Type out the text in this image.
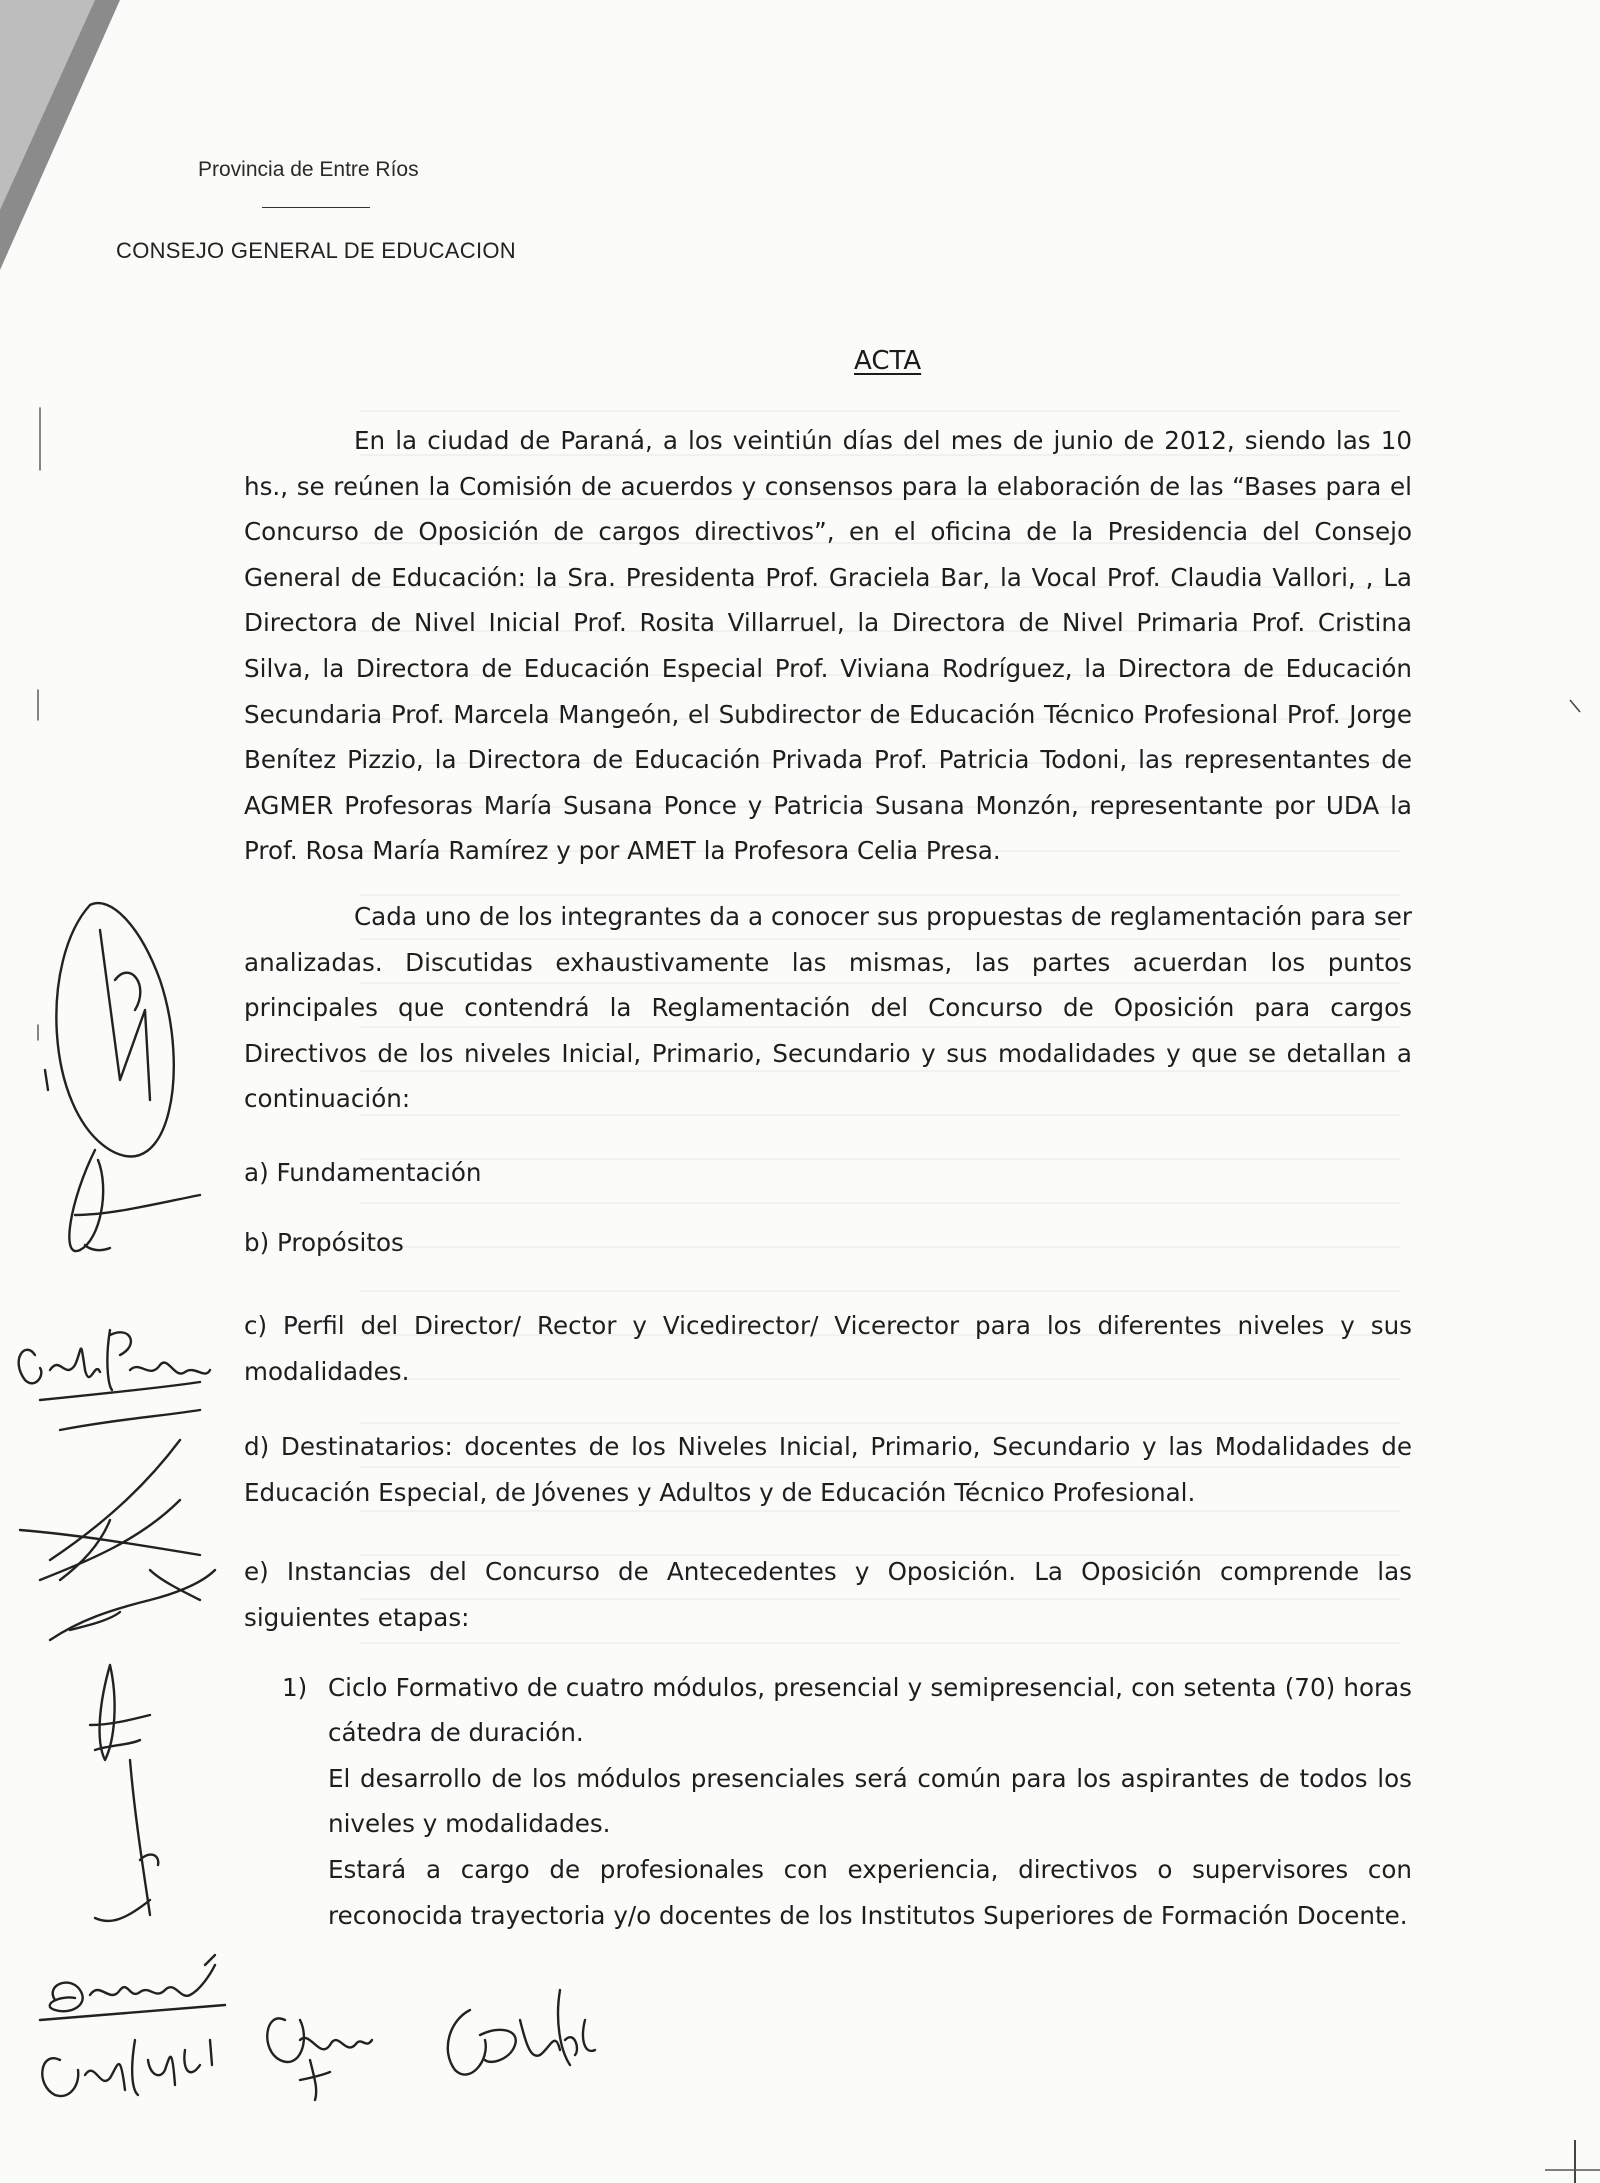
Provincia de Entre Ríos
CONSEJO GENERAL DE EDUCACION
ACTA

En la ciudad de Paraná, a los veintiún días del mes de junio de 2012, siendo las 10 hs., se reúnen la Comisión de acuerdos y consensos para la elaboración de las “Bases para el Concurso de Oposición de cargos directivos”, en el oficina de la Presidencia del Consejo General de Educación: la Sra. Presidenta Prof. Graciela Bar, la Vocal Prof. Claudia Vallori, , La Directora de Nivel Inicial Prof. Rosita Villarruel, la Directora de Nivel Primaria Prof. Cristina Silva, la Directora de Educación Especial Prof. Viviana Rodríguez, la Directora de Educación Secundaria Prof. Marcela Mangeón, el Subdirector de Educación Técnico Profesional Prof. Jorge Benítez Pizzio, la Directora de Educación Privada Prof. Patricia Todoni, las representantes de AGMER Profesoras María Susana Ponce y Patricia Susana Monzón, representante por UDA la Prof. Rosa María Ramírez y por AMET la Profesora Celia Presa.

Cada uno de los integrantes da a conocer sus propuestas de reglamentación para ser analizadas. Discutidas exhaustivamente las mismas, las partes acuerdan los puntos principales que contendrá la Reglamentación del Concurso de Oposición para cargos Directivos de los niveles Inicial, Primario, Secundario y sus modalidades y que se detallan a continuación:

a) Fundamentación

b) Propósitos

c) Perfil del Director/ Rector y Vicedirector/ Vicerector para los diferentes niveles y sus modalidades.

d) Destinatarios: docentes de los Niveles Inicial, Primario, Secundario y las Modalidades de Educación Especial, de Jóvenes y Adultos y de Educación Técnico Profesional.

e) Instancias del Concurso de Antecedentes y Oposición. La Oposición comprende las siguientes etapas:

1) Ciclo Formativo de cuatro módulos, presencial y semipresencial, con setenta (70) horas cátedra de duración.

El desarrollo de los módulos presenciales será común para los aspirantes de todos los niveles y modalidades.

Estará a cargo de profesionales con experiencia, directivos o supervisores con reconocida trayectoria y/o docentes de los Institutos Superiores de Formación Docente.
